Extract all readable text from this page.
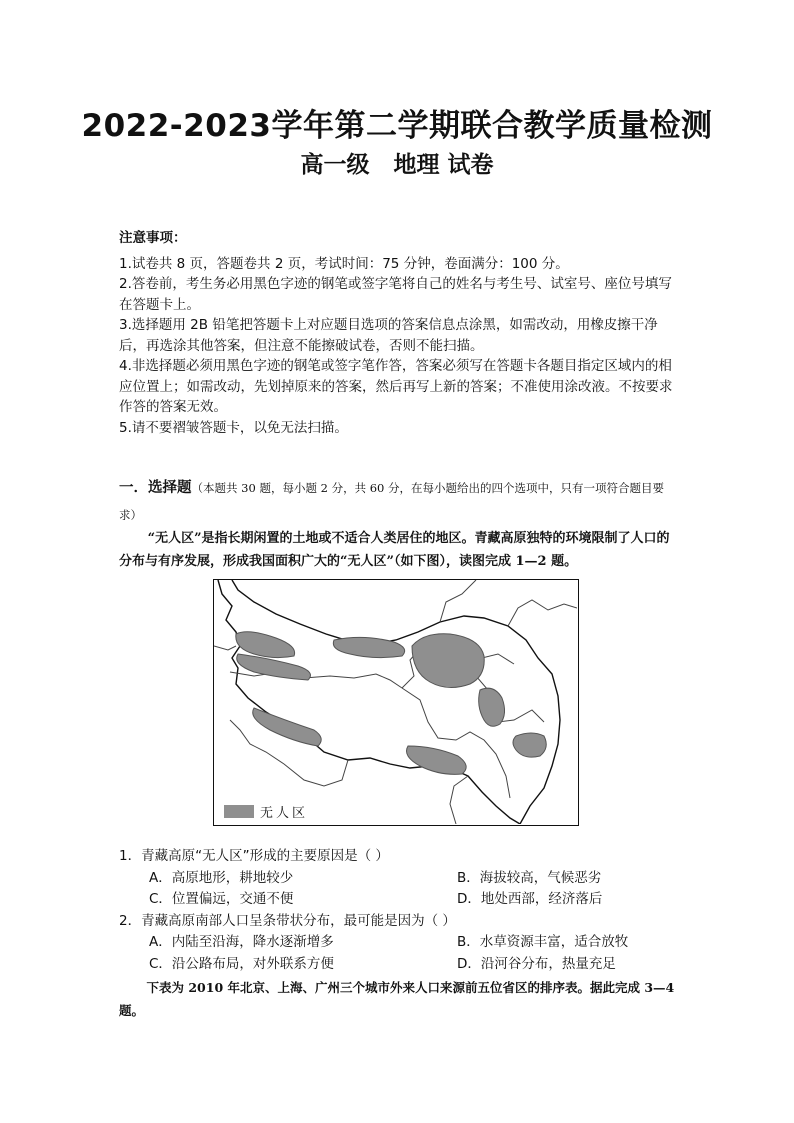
2022-2023学年第二学期联合教学质量检测
高一级   地理 试卷
注意事项：

1.试卷共 8 页，答题卷共 2 页，考试时间：75 分钟，卷面满分：100 分。

2.答卷前，考生务必用黑色字迹的钢笔或签字笔将自己的姓名与考生号、试室号、座位号填写在答题卡上。

3.选择题用 2B 铅笔把答题卡上对应题目选项的答案信息点涂黑，如需改动，用橡皮擦干净后，再选涂其他答案，但注意不能擦破试卷，否则不能扫描。

4.非选择题必须用黑色字迹的钢笔或签字笔作答，答案必须写在答题卡各题目指定区域内的相应位置上；如需改动，先划掉原来的答案，然后再写上新的答案；不准使用涂改液。不按要求作答的答案无效。

5.请不要褶皱答题卡，以免无法扫描。

一．选择题（本题共 30 题，每小题 2 分，共 60 分，在每小题给出的四个选项中，只有一项符合题目要求）
“无人区”是指长期闲置的土地或不适合人类居住的地区。青藏高原独特的环境限制了人口的分布与有序发展，形成我国面积广大的“无人区”（如下图），读图完成 1—2 题。
无人区

1．青藏高原“无人区”形成的主要原因是（ ）

A．高原地形，耕地较少	B．海拔较高，气候恶劣
C．位置偏远，交通不便	D．地处西部，经济落后

2．青藏高原南部人口呈条带状分布，最可能是因为（ ）

A．内陆至沿海，降水逐渐增多	B．水草资源丰富，适合放牧
C．沿公路布局，对外联系方便	D．沿河谷分布，热量充足
下表为 2010 年北京、上海、广州三个城市外来人口来源前五位省区的排序表。据此完成 3—4 题。
